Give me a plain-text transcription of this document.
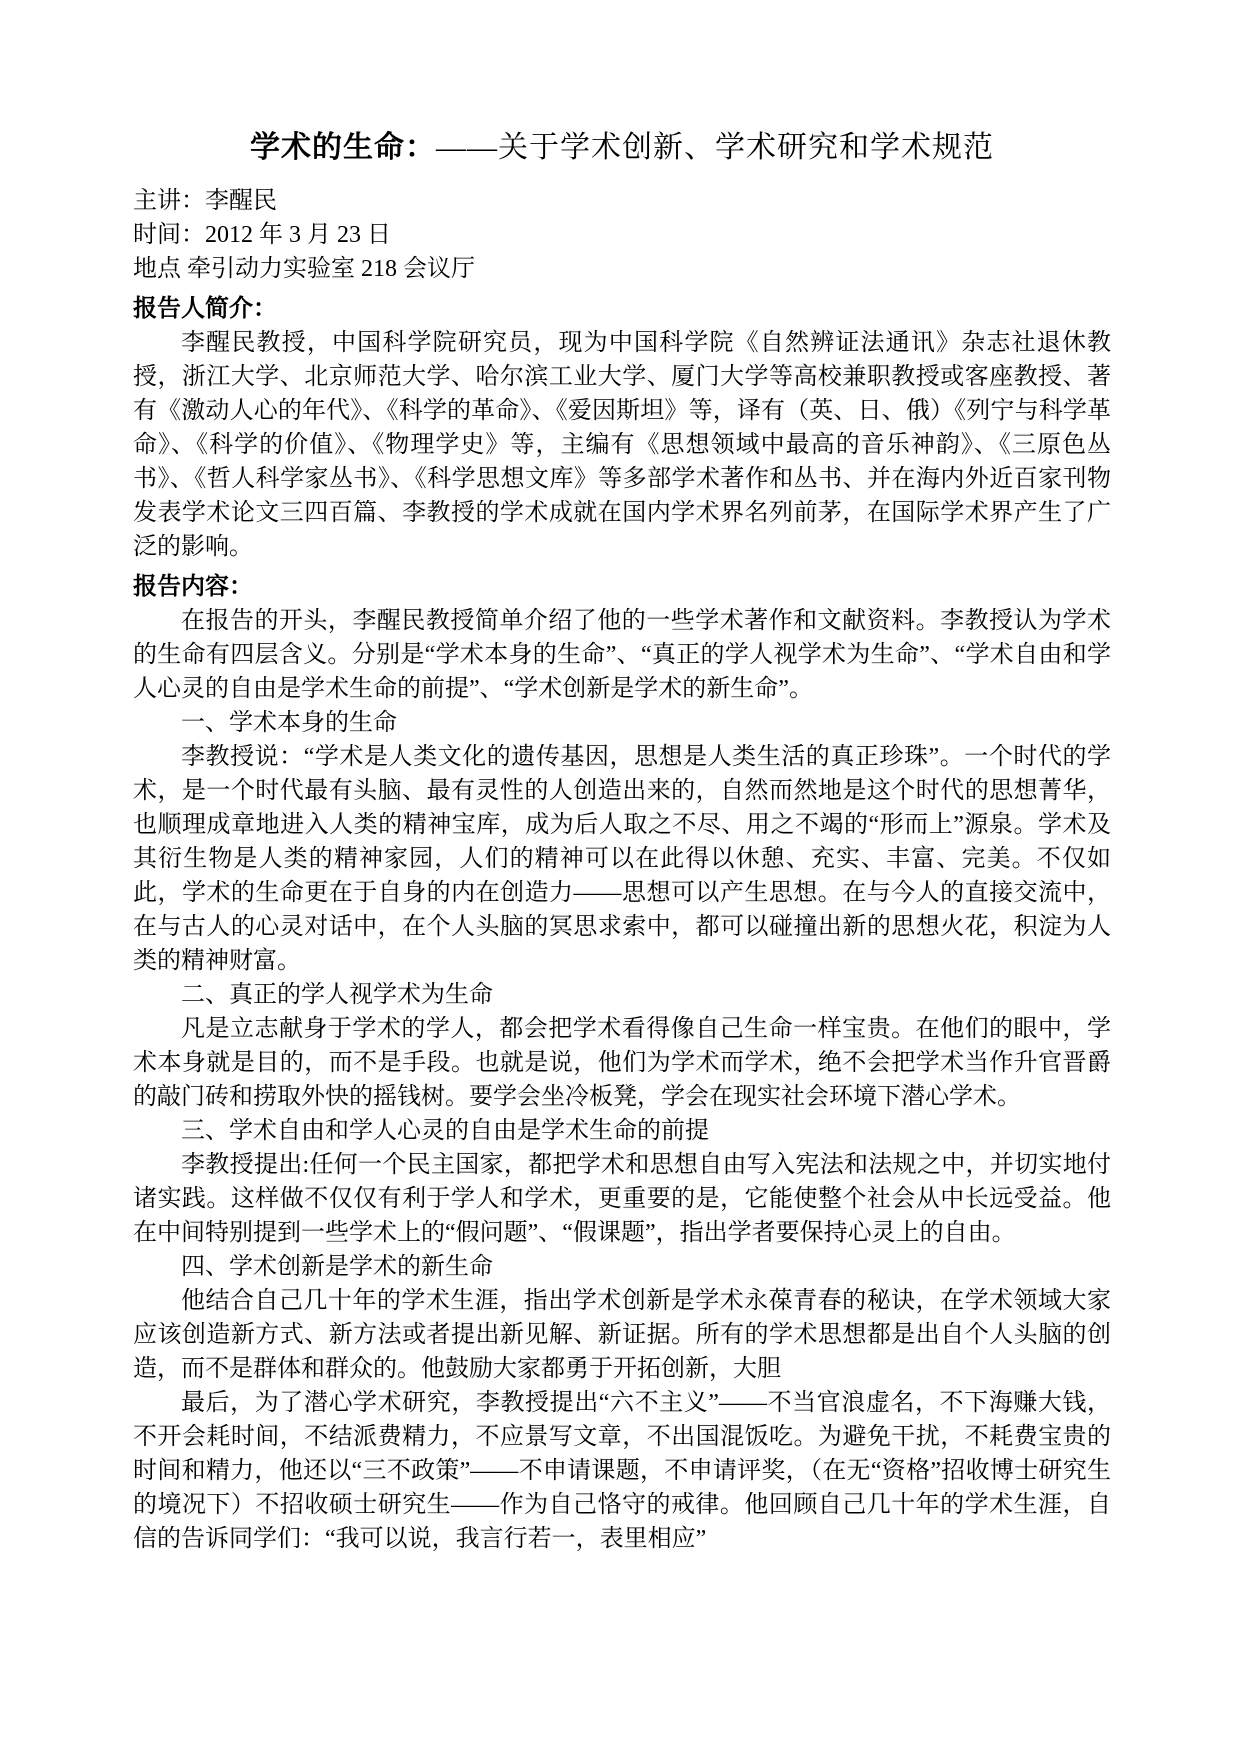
学术的生命：——关于学术创新、学术研究和学术规范

主讲：李醒民

时间：2012 年 3 月 23 日

地点 牵引动力实验室 218 会议厅

报告人简介：

李醒民教授，中国科学院研究员，现为中国科学院《自然辨证法通讯》杂志社退休教授，浙江大学、北京师范大学、哈尔滨工业大学、厦门大学等高校兼职教授或客座教授、著有《激动人心的年代》、《科学的革命》、《爱因斯坦》等，译有（英、日、俄）《列宁与科学革命》、《科学的价值》、《物理学史》等，主编有《思想领域中最高的音乐神韵》、《三原色丛书》、《哲人科学家丛书》、《科学思想文库》等多部学术著作和丛书、并在海内外近百家刊物发表学术论文三四百篇、李教授的学术成就在国内学术界名列前茅，在国际学术界产生了广泛的影响。

报告内容：

在报告的开头，李醒民教授简单介绍了他的一些学术著作和文献资料。李教授认为学术的生命有四层含义。分别是“学术本身的生命”、“真正的学人视学术为生命”、“学术自由和学人心灵的自由是学术生命的前提”、“学术创新是学术的新生命”。

一、学术本身的生命

李教授说：“学术是人类文化的遗传基因，思想是人类生活的真正珍珠”。一个时代的学术，是一个时代最有头脑、最有灵性的人创造出来的，自然而然地是这个时代的思想菁华，也顺理成章地进入人类的精神宝库，成为后人取之不尽、用之不竭的“形而上”源泉。学术及其衍生物是人类的精神家园，人们的精神可以在此得以休憩、充实、丰富、完美。不仅如此，学术的生命更在于自身的内在创造力——思想可以产生思想。在与今人的直接交流中，在与古人的心灵对话中，在个人头脑的冥思求索中，都可以碰撞出新的思想火花，积淀为人类的精神财富。

二、真正的学人视学术为生命

凡是立志献身于学术的学人，都会把学术看得像自己生命一样宝贵。在他们的眼中，学术本身就是目的，而不是手段。也就是说，他们为学术而学术，绝不会把学术当作升官晋爵的敲门砖和捞取外快的摇钱树。要学会坐冷板凳，学会在现实社会环境下潜心学术。

三、学术自由和学人心灵的自由是学术生命的前提

李教授提出:任何一个民主国家，都把学术和思想自由写入宪法和法规之中，并切实地付诸实践。这样做不仅仅有利于学人和学术，更重要的是，它能使整个社会从中长远受益。他在中间特别提到一些学术上的“假问题”、“假课题”，指出学者要保持心灵上的自由。

四、学术创新是学术的新生命

他结合自己几十年的学术生涯，指出学术创新是学术永葆青春的秘诀，在学术领域大家应该创造新方式、新方法或者提出新见解、新证据。所有的学术思想都是出自个人头脑的创造，而不是群体和群众的。他鼓励大家都勇于开拓创新，大胆

最后，为了潜心学术研究，李教授提出“六不主义”——不当官浪虚名，不下海赚大钱，不开会耗时间，不结派费精力，不应景写文章，不出国混饭吃。为避免干扰，不耗费宝贵的时间和精力，他还以“三不政策”——不申请课题，不申请评奖，（在无“资格”招收博士研究生的境况下）不招收硕士研究生——作为自己恪守的戒律。他回顾自己几十年的学术生涯，自信的告诉同学们：“我可以说，我言行若一，表里相应”
